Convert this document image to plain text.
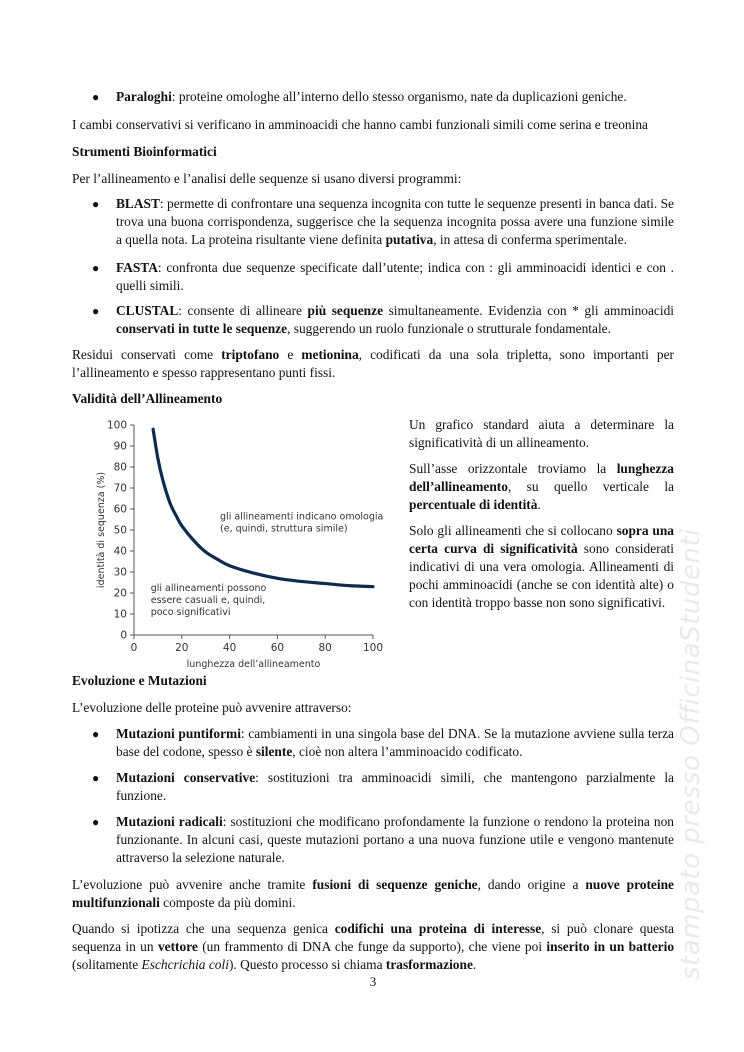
● Paraloghi: proteine omologhe all’interno dello stesso organismo, nate da duplicazioni geniche.

I cambi conservativi si verificano in amminoacidi che hanno cambi funzionali simili come serina e treonina

Strumenti Bioinformatici

Per l’allineamento e l’analisi delle sequenze si usano diversi programmi:

● BLAST: permette di confrontare una sequenza incognita con tutte le sequenze presenti in banca dati. Se trova una buona corrispondenza, suggerisce che la sequenza incognita possa avere una funzione simile a quella nota. La proteina risultante viene definita putativa, in attesa di conferma sperimentale.

● FASTA: confronta due sequenze specificate dall’utente; indica con : gli amminoacidi identici e con . quelli simili.

● CLUSTAL: consente di allineare più sequenze simultaneamente. Evidenzia con * gli amminoacidi conservati in tutte le sequenze, suggerendo un ruolo funzionale o strutturale fondamentale.

Residui conservati come triptofano e metionina, codificati da una sola tripletta, sono importanti per l’allineamento e spesso rappresentano punti fissi.

Validità dell’Allineamento

0
10
20
30
40
50
60
70
80
90
100
0	20	40	60	80	100
lunghezza dell’allineamento
identità di sequenza (%)	gli allineamenti indicano omologia (e, quindi, struttura simile)
gli allineamenti possono essere casuali e, quindi, poco significativi

Un grafico standard aiuta a determinare la significatività di un allineamento.

Sull’asse orizzontale troviamo la lunghezza dell’allineamento, su quello verticale la percentuale di identità.

Solo gli allineamenti che si collocano sopra una certa curva di significatività sono considerati indicativi di una vera omologia. Allineamenti di pochi amminoacidi (anche se con identità alte) o con identità troppo basse non sono significativi.

Evoluzione e Mutazioni

L’evoluzione delle proteine può avvenire attraverso:

● Mutazioni puntiformi: cambiamenti in una singola base del DNA. Se la mutazione avviene sulla terza base del codone, spesso è silente, cioè non altera l’amminoacido codificato.

● Mutazioni conservative: sostituzioni tra amminoacidi simili, che mantengono parzialmente la funzione.

● Mutazioni radicali: sostituzioni che modificano profondamente la funzione o rendono la proteina non funzionante. In alcuni casi, queste mutazioni portano a una nuova funzione utile e vengono mantenute attraverso la selezione naturale.

L’evoluzione può avvenire anche tramite fusioni di sequenze geniche, dando origine a nuove proteine multifunzionali composte da più domini.

Quando si ipotizza che una sequenza genica codifichi una proteina di interesse, si può clonare questa sequenza in un vettore (un frammento di DNA che funge da supporto), che viene poi inserito in un batterio (solitamente Eschcrichia coli). Questo processo si chiama trasformazione.

3
stampato presso OfficinaStudenti
